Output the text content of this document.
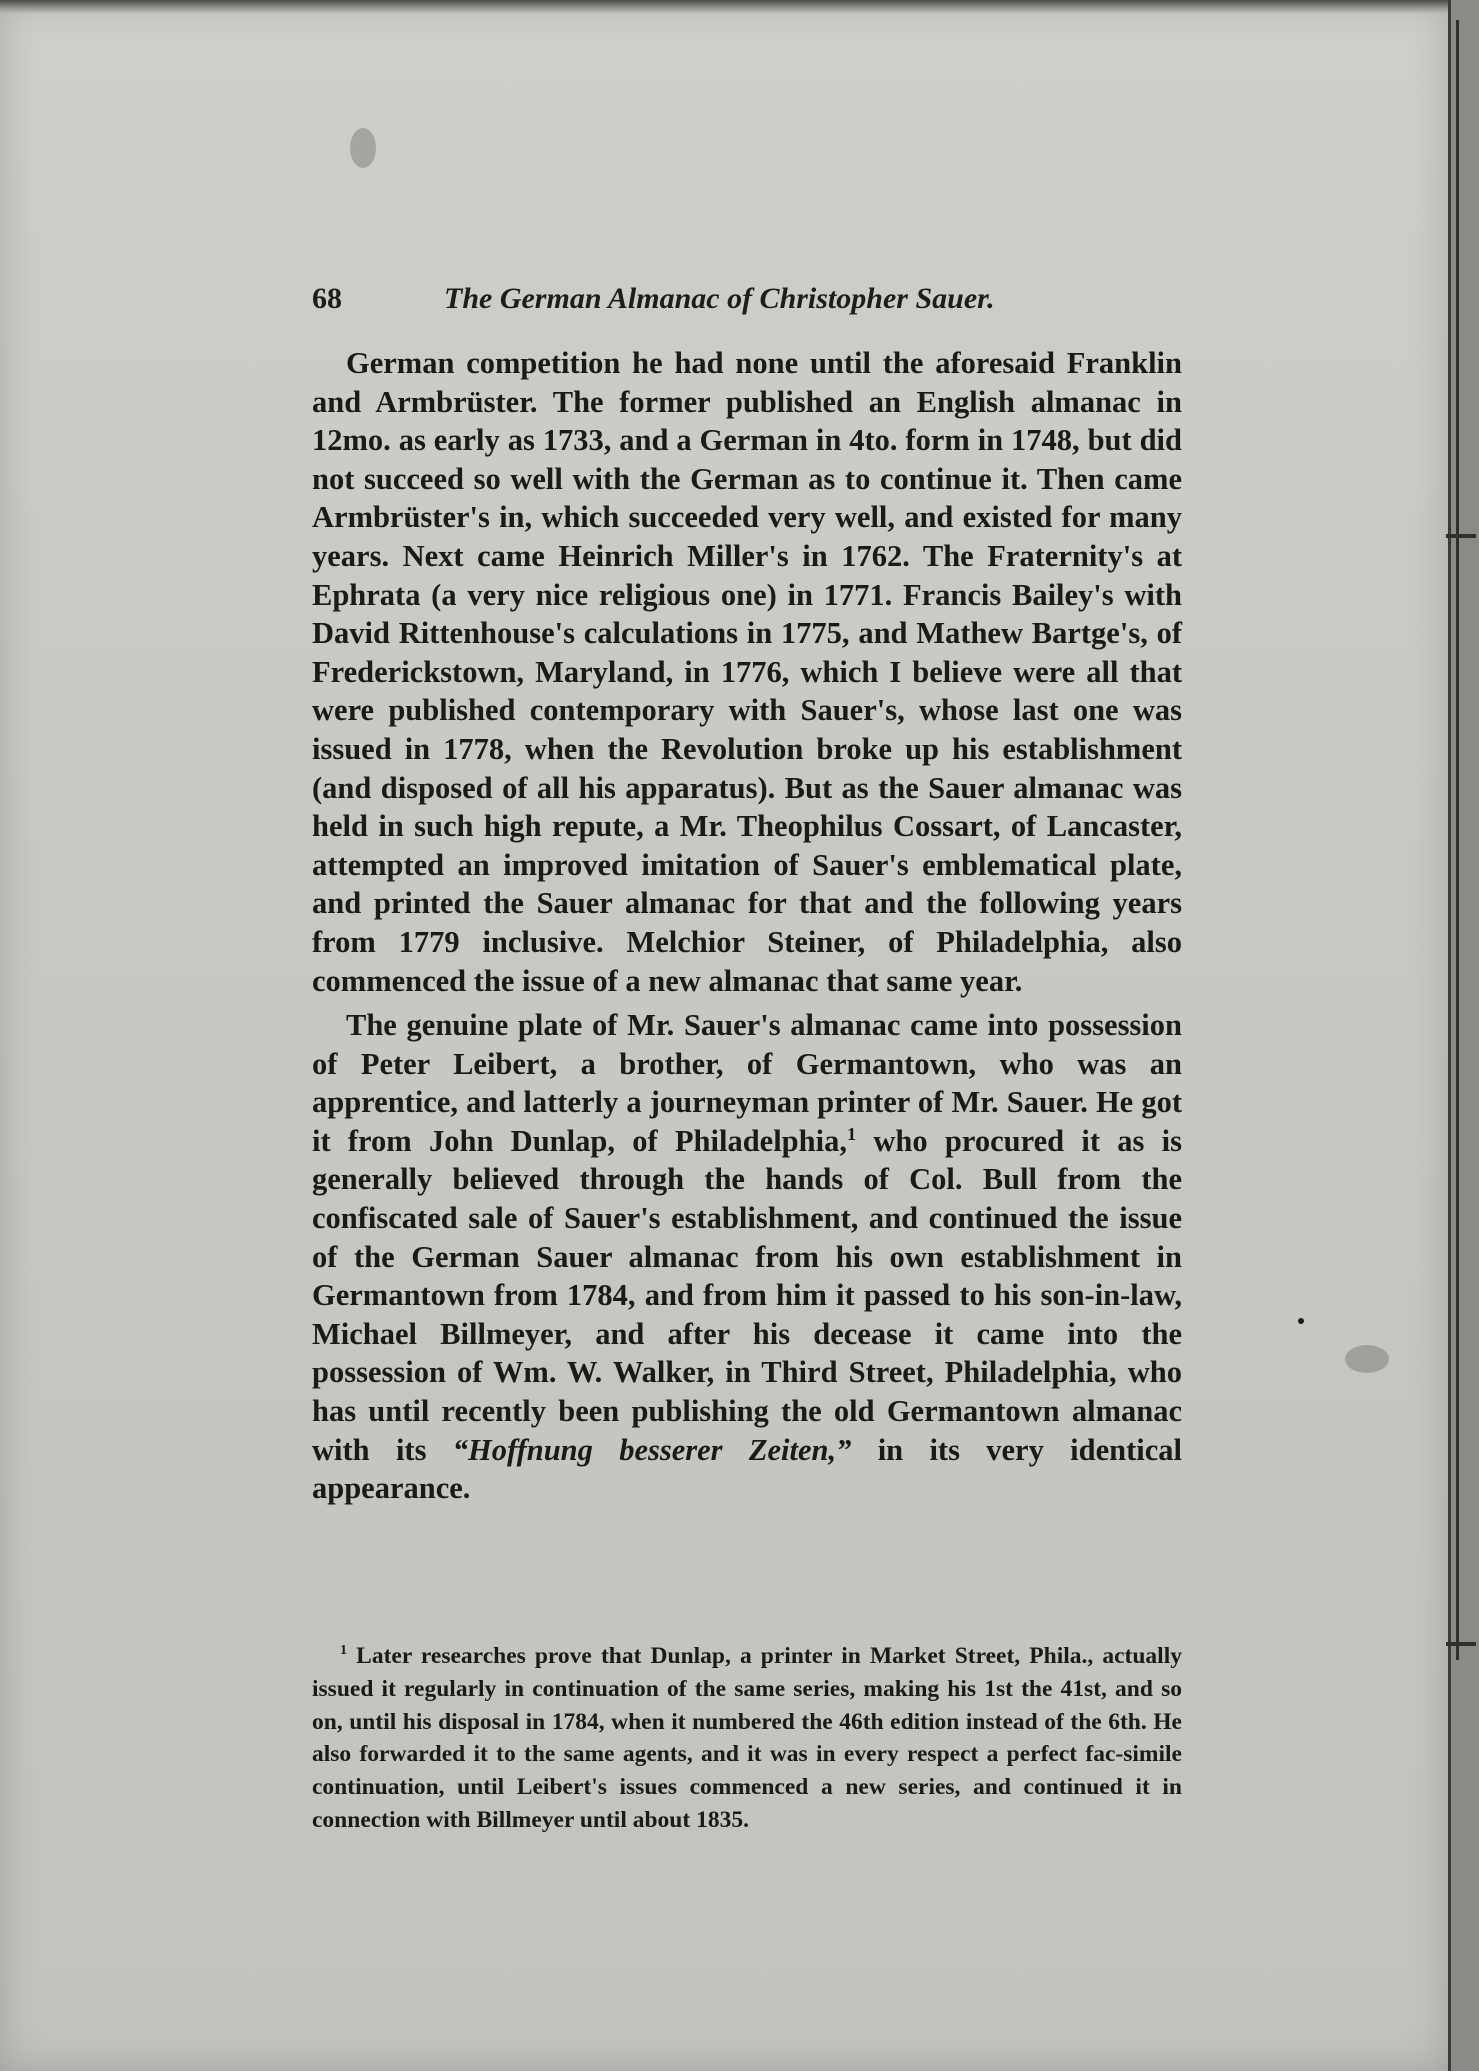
68	The German Almanac of Christopher Sauer.

German competition he had none until the aforesaid Franklin and Armbrüster. The former published an English almanac in 12mo. as early as 1733, and a German in 4to. form in 1748, but did not succeed so well with the German as to continue it. Then came Armbrüster's in, which succeeded very well, and existed for many years. Next came Heinrich Miller's in 1762. The Fraternity's at Ephrata (a very nice religious one) in 1771. Francis Bailey's with David Rittenhouse's calculations in 1775, and Mathew Bartge's, of Frederickstown, Maryland, in 1776, which I believe were all that were published contemporary with Sauer's, whose last one was issued in 1778, when the Revolution broke up his establishment (and disposed of all his apparatus). But as the Sauer almanac was held in such high repute, a Mr. Theophilus Cossart, of Lancaster, attempted an improved imitation of Sauer's emblematical plate, and printed the Sauer almanac for that and the following years from 1779 inclusive. Melchior Steiner, of Philadelphia, also commenced the issue of a new almanac that same year.

The genuine plate of Mr. Sauer's almanac came into possession of Peter Leibert, a brother, of Germantown, who was an apprentice, and latterly a journeyman printer of Mr. Sauer. He got it from John Dunlap, of Philadelphia,$^1$ who procured it as is generally believed through the hands of Col. Bull from the confiscated sale of Sauer's establishment, and continued the issue of the German Sauer almanac from his own establishment in Germantown from 1784, and from him it passed to his son-in-law, Michael Billmeyer, and after his decease it came into the possession of Wm. W. Walker, in Third Street, Philadelphia, who has until recently been publishing the old Germantown almanac with its “Hoffnung besserer Zeiten,” in its very identical appearance.

$^1$ Later researches prove that Dunlap, a printer in Market Street, Phila., actually issued it regularly in continuation of the same series, making his 1st the 41st, and so on, until his disposal in 1784, when it numbered the 46th edition instead of the 6th. He also forwarded it to the same agents, and it was in every respect a perfect fac-simile continuation, until Leibert's issues commenced a new series, and continued it in connection with Billmeyer until about 1835.
